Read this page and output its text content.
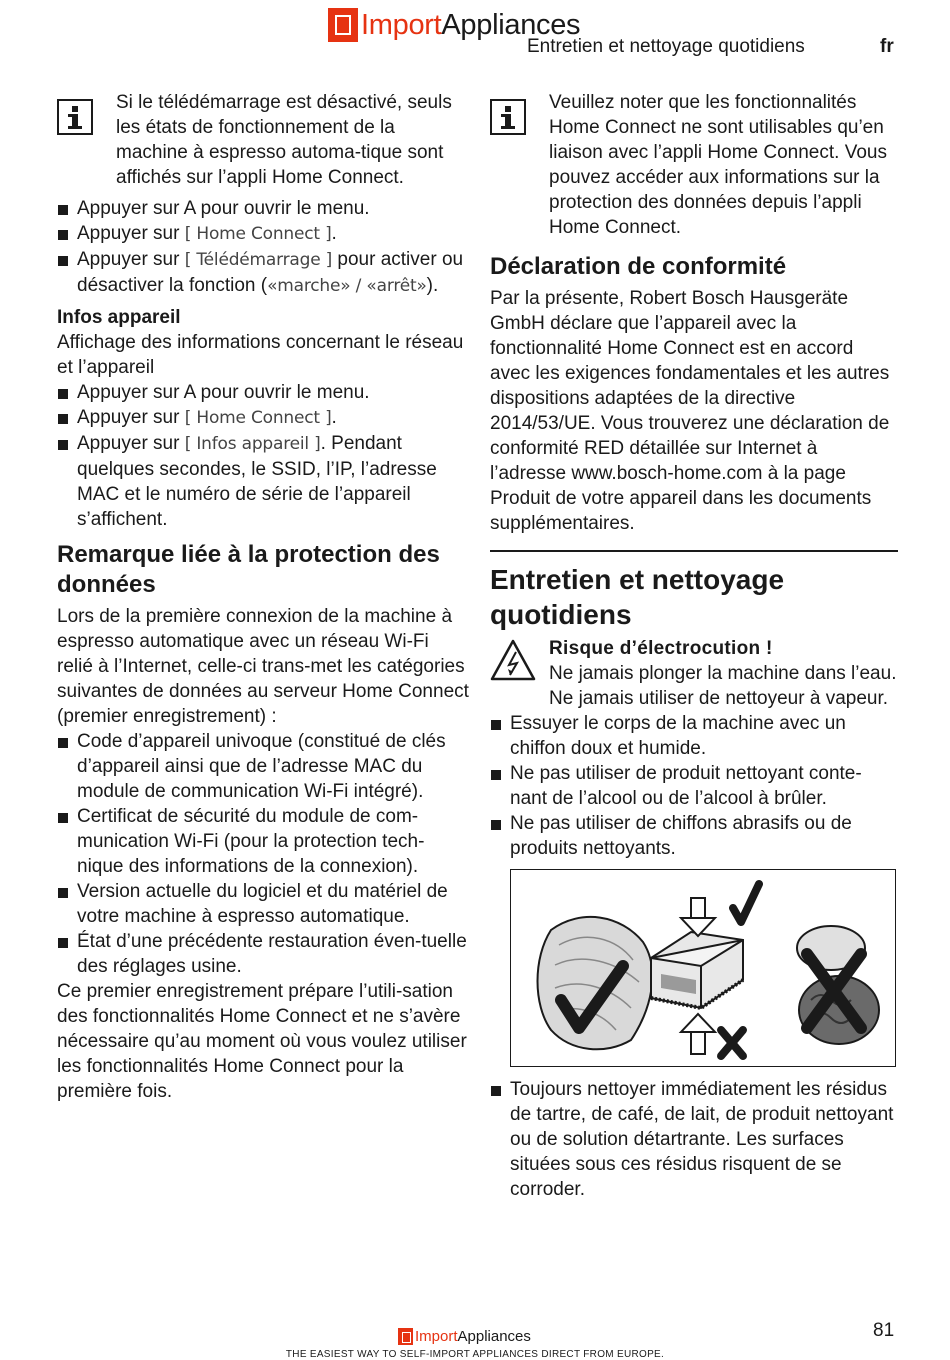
ImportAppliances
Entretien et nettoyage quotidiens	fr
Si le télédémarrage est désactivé, seuls les états de fonctionnement de la machine à espresso automa-tique sont affichés sur l’appli Home Connect.
Appuyer sur A pour ouvrir le menu.
Appuyer sur [ Home Connect ].
Appuyer sur [ Télédémarrage ] pour activer ou désactiver la fonction («marche» / «arrêt»).
Infos appareil
Affichage des informations concernant le réseau et l’appareil
Appuyer sur A pour ouvrir le menu.
Appuyer sur [ Home Connect ].
Appuyer sur [ Infos appareil ]. Pendant quelques secondes, le SSID, l’IP, l’adresse MAC et le numéro de série de l’appareil s’affichent.
Remarque liée à la protection des données
Lors de la première connexion de la machine à espresso automatique avec un réseau Wi-Fi relié à l’Internet, celle-ci trans-met les catégories suivantes de données au serveur Home Connect (premier enregistrement) :
Code d’appareil univoque (constitué de clés d’appareil ainsi que de l’adresse MAC du module de communication Wi-Fi intégré).
Certificat de sécurité du module de com-munication Wi-Fi (pour la protection tech-nique des informations de la connexion).
Version actuelle du logiciel et du matériel de votre machine à espresso automatique.
État d’une précédente restauration éven-tuelle des réglages usine.
Ce premier enregistrement prépare l’utili-sation des fonctionnalités Home Connect et ne s’avère nécessaire qu’au moment où vous voulez utiliser les fonctionnalités Home Connect pour la première fois.
Veuillez noter que les fonctionnalités Home Connect ne sont utilisables qu’en liaison avec l’appli Home Connect. Vous pouvez accéder aux informations sur la protection des données depuis l’appli Home Connect.
Déclaration de conformité
Par la présente, Robert Bosch Hausgeräte GmbH déclare que l’appareil avec la fonctionnalité Home Connect est en accord avec les exigences fondamentales et les autres dispositions adaptées de la directive 2014/53/UE. Vous trouverez une déclaration de conformité RED détaillée sur Internet à l’adresse www.bosch-home.com à la page Produit de votre appareil dans les documents supplémentaires.
Entretien et nettoyage quotidiens
Risque d’électrocution !
Ne jamais plonger la machine dans l’eau. Ne jamais utiliser de nettoyeur à vapeur.
Essuyer le corps de la machine avec un chiffon doux et humide.
Ne pas utiliser de produit nettoyant conte-nant de l’alcool ou de l’alcool à brûler.
Ne pas utiliser de chiffons abrasifs ou de produits nettoyants.
Toujours nettoyer immédiatement les résidus de tartre, de café, de lait, de produit nettoyant ou de solution détartrante. Les surfaces situées sous ces résidus risquent de se corroder.
81
ImportAppliances
THE EASIEST WAY TO SELF-IMPORT APPLIANCES DIRECT FROM EUROPE.
